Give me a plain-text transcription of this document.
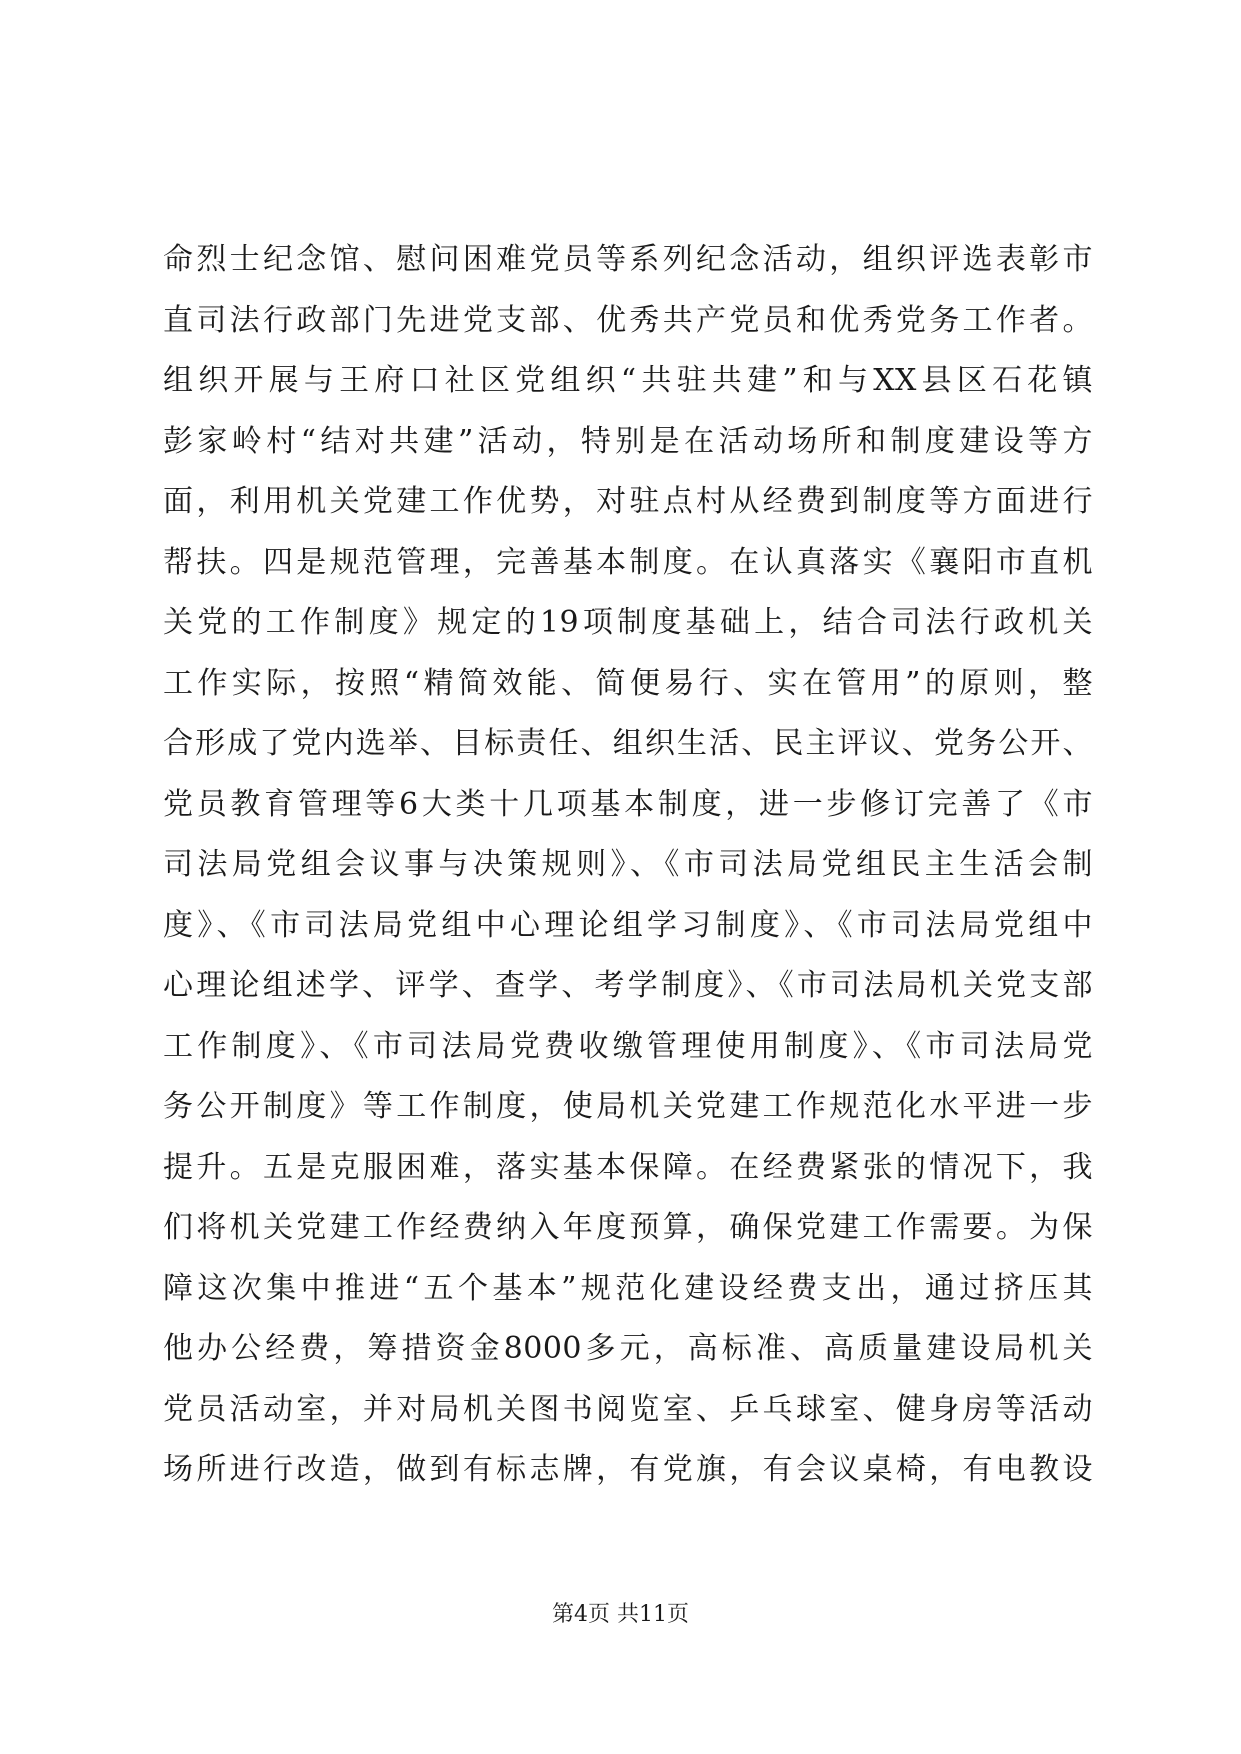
命烈士纪念馆、慰问困难党员等系列纪念活动，组织评选表彰市
直司法行政部门先进党支部、优秀共产党员和优秀党务工作者。
组织开展与王府口社区党组织“共驻共建”和与XX县区石花镇
彭家岭村“结对共建”活动，特别是在活动场所和制度建设等方
面，利用机关党建工作优势，对驻点村从经费到制度等方面进行
帮扶。四是规范管理，完善基本制度。在认真落实《襄阳市直机
关党的工作制度》规定的19项制度基础上，结合司法行政机关
工作实际，按照“精简效能、简便易行、实在管用”的原则，整
合形成了党内选举、目标责任、组织生活、民主评议、党务公开、
党员教育管理等6大类十几项基本制度，进一步修订完善了《市
司法局党组会议事与决策规则》、《市司法局党组民主生活会制
度》、《市司法局党组中心理论组学习制度》、《市司法局党组中
心理论组述学、评学、查学、考学制度》、《市司法局机关党支部
工作制度》、《市司法局党费收缴管理使用制度》、《市司法局党
务公开制度》等工作制度，使局机关党建工作规范化水平进一步
提升。五是克服困难，落实基本保障。在经费紧张的情况下，我
们将机关党建工作经费纳入年度预算，确保党建工作需要。为保
障这次集中推进“五个基本”规范化建设经费支出，通过挤压其
他办公经费，筹措资金8000多元，高标准、高质量建设局机关
党员活动室，并对局机关图书阅览室、乒乓球室、健身房等活动
场所进行改造，做到有标志牌，有党旗，有会议桌椅，有电教设
第4页 共11页
